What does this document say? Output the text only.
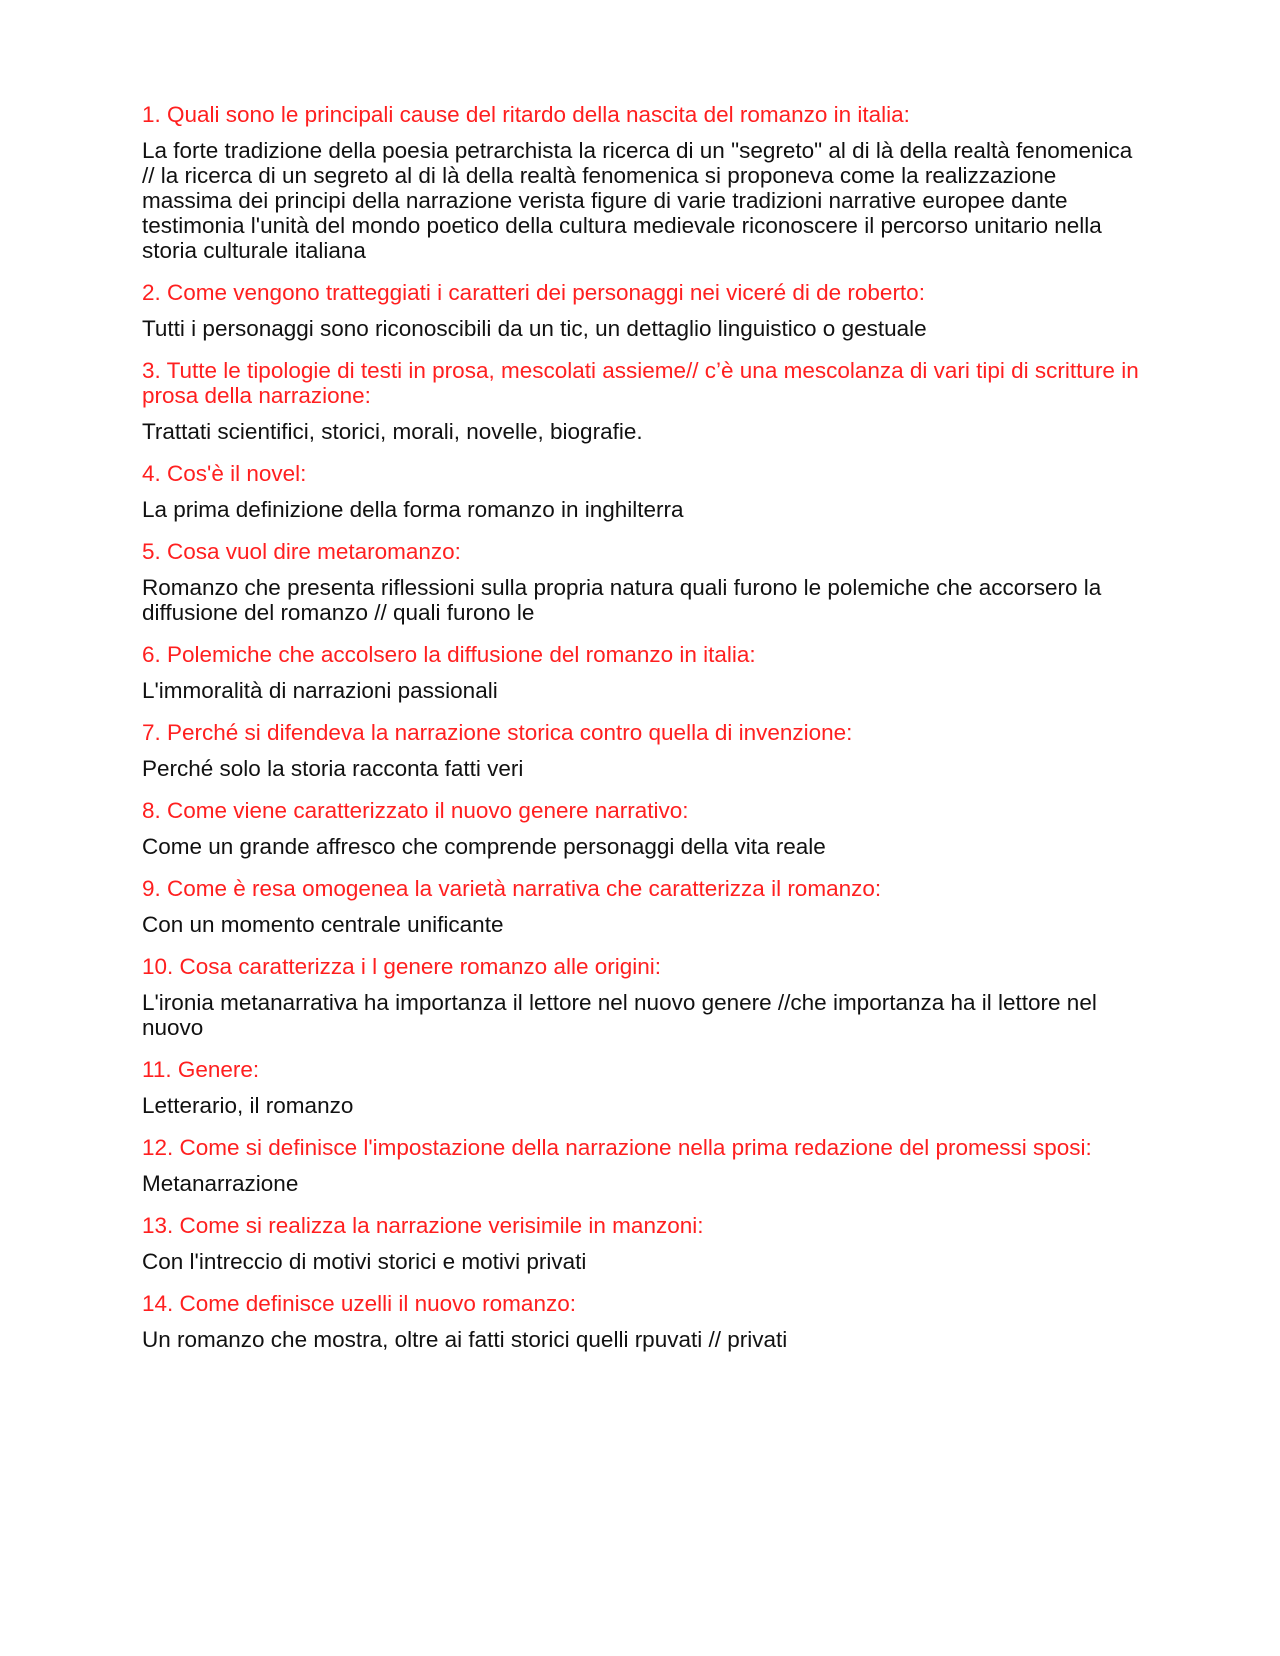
1. Quali sono le principali cause del ritardo della nascita del romanzo in italia:

La forte tradizione della poesia petrarchista la ricerca di un "segreto" al di là della realtà fenomenica // la ricerca di un segreto al di là della realtà fenomenica si proponeva come la realizzazione massima dei principi della narrazione verista figure di varie tradizioni narrative europee dante testimonia l'unità del mondo poetico della cultura medievale riconoscere il percorso unitario nella storia culturale italiana

2. Come vengono tratteggiati i caratteri dei personaggi nei viceré di de roberto:

Tutti i personaggi sono riconoscibili da un tic, un dettaglio linguistico o gestuale

3. Tutte le tipologie di testi in prosa, mescolati assieme// c’è una mescolanza di vari tipi di scritture in prosa della narrazione:

Trattati scientifici, storici, morali, novelle, biografie.

4. Cos'è il novel:

La prima definizione della forma romanzo in inghilterra

5. Cosa vuol dire metaromanzo:

Romanzo che presenta riflessioni sulla propria natura quali furono le polemiche che accorsero la diffusione del romanzo // quali furono le

6. Polemiche che accolsero la diffusione del romanzo in italia:

L'immoralità di narrazioni passionali

7. Perché si difendeva la narrazione storica contro quella di invenzione:

Perché solo la storia racconta fatti veri

8. Come viene caratterizzato il nuovo genere narrativo:

Come un grande affresco che comprende personaggi della vita reale

9. Come è resa omogenea la varietà narrativa che caratterizza il romanzo:

Con un momento centrale unificante

10. Cosa caratterizza i l genere romanzo alle origini:

L'ironia metanarrativa ha importanza il lettore nel nuovo genere //che importanza ha il lettore nel nuovo

11. Genere:

Letterario, il romanzo

12. Come si definisce l'impostazione della narrazione nella prima redazione del promessi sposi:

Metanarrazione

13. Come si realizza la narrazione verisimile in manzoni:

Con l'intreccio di motivi storici e motivi privati

14. Come definisce uzelli il nuovo romanzo:

Un romanzo che mostra, oltre ai fatti storici quelli rpuvati // privati
